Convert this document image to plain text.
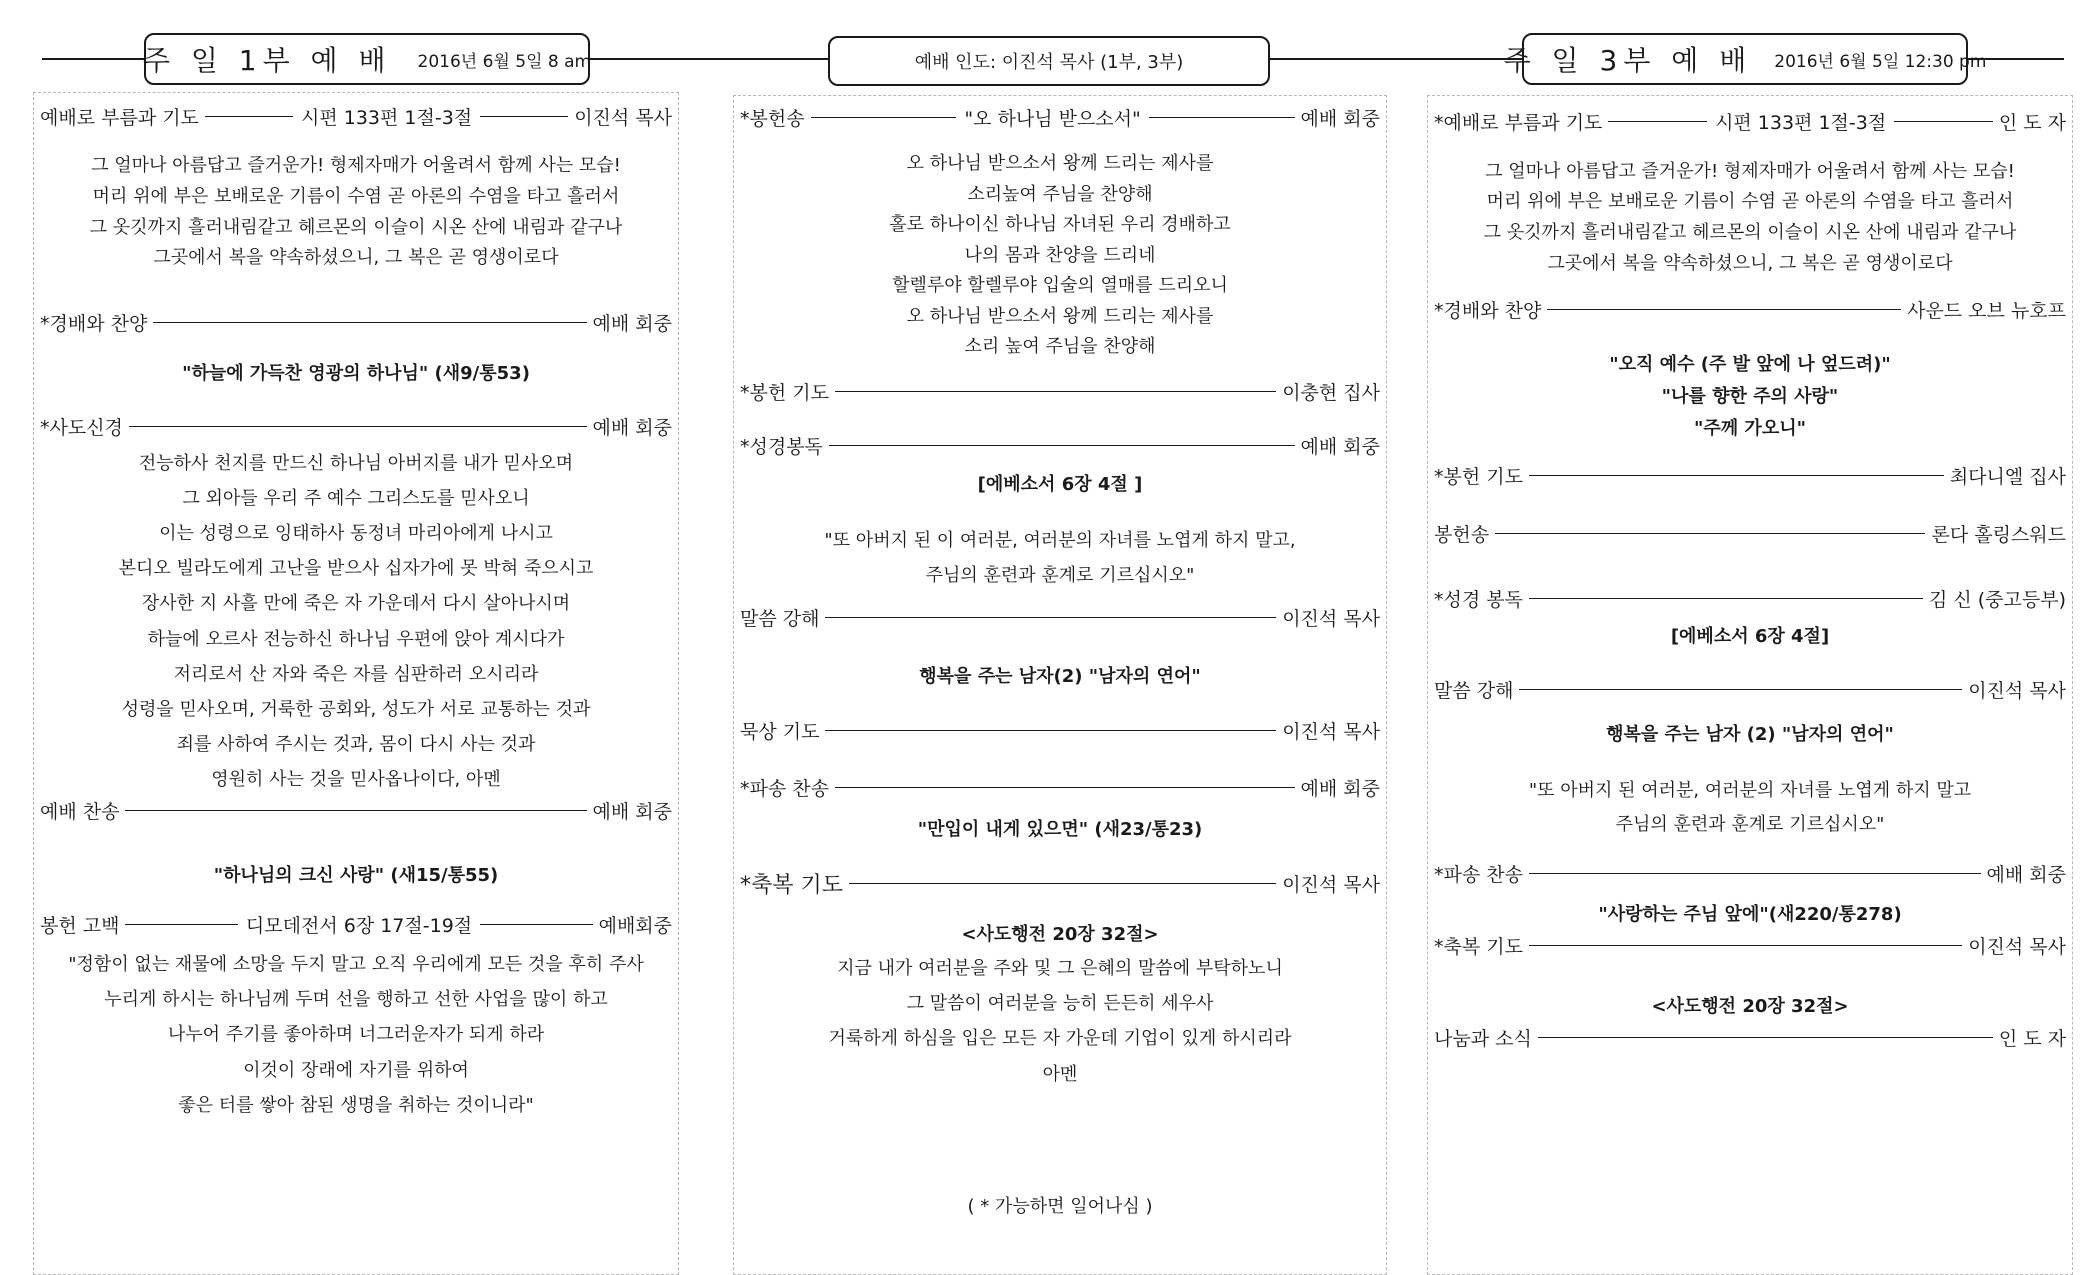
주 일 1부 예 배 2016년 6월 5일 8 am	예배 인도: 이진석 목사 (1부, 3부)	주 일 3부 예 배 2016년 6월 5일 12:30 pm
예배로 부름과 기도	시편 133편 1절-3절	이진석 목사
그 얼마나 아름답고 즐거운가! 형제자매가 어울려서 함께 사는 모습!
머리 위에 부은 보배로운 기름이 수염 곧 아론의 수염을 타고 흘러서
그 옷깃까지 흘러내림같고 헤르몬의 이슬이 시온 산에 내림과 같구나
그곳에서 복을 약속하셨으니, 그 복은 곧 영생이로다
*경배와 찬양	예배 회중
"하늘에 가득찬 영광의 하나님" (새9/통53)
*사도신경	예배 회중
전능하사 천지를 만드신 하나님 아버지를 내가 믿사오며
그 외아들 우리 주 예수 그리스도를 믿사오니
이는 성령으로 잉태하사 동정녀 마리아에게 나시고
본디오 빌라도에게 고난을 받으사 십자가에 못 박혀 죽으시고
장사한 지 사흘 만에 죽은 자 가운데서 다시 살아나시며
하늘에 오르사 전능하신 하나님 우편에 앉아 계시다가
저리로서 산 자와 죽은 자를 심판하러 오시리라
성령을 믿사오며, 거룩한 공회와, 성도가 서로 교통하는 것과
죄를 사하여 주시는 것과, 몸이 다시 사는 것과
영원히 사는 것을 믿사옵나이다, 아멘
예배 찬송	예배 회중
"하나님의 크신 사랑" (새15/통55)
봉헌 고백	디모데전서 6장 17절-19절	예배회중
"정함이 없는 재물에 소망을 두지 말고 오직 우리에게 모든 것을 후히 주사
누리게 하시는 하나님께 두며 선을 행하고 선한 사업을 많이 하고
나누어 주기를 좋아하며 너그러운자가 되게 하라
이것이 장래에 자기를 위하여
좋은 터를 쌓아 참된 생명을 취하는 것이니라"
*봉헌송	"오 하나님 받으소서"	예배 회중
오 하나님 받으소서 왕께 드리는 제사를
소리높여 주님을 찬양해
홀로 하나이신 하나님 자녀된 우리 경배하고
나의 몸과 찬양을 드리네
할렐루야 할렐루야 입술의 열매를 드리오니
오 하나님 받으소서 왕께 드리는 제사를
소리 높여 주님을 찬양해
*봉헌 기도	이충현 집사
*성경봉독	예배 회중
[에베소서 6장 4절 ]
"또 아버지 된 이 여러분, 여러분의 자녀를 노엽게 하지 말고,
주님의 훈련과 훈계로 기르십시오"
말씀 강해	이진석 목사
행복을 주는 남자(2) "남자의 연어"
묵상 기도	이진석 목사
*파송 찬송	예배 회중
"만입이 내게 있으면" (새23/통23)
*축복 기도	이진석 목사
<사도행전 20장 32절>
지금 내가 여러분을 주와 및 그 은혜의 말씀에 부탁하노니
그 말씀이 여러분을 능히 든든히 세우사
거룩하게 하심을 입은 모든 자 가운데 기업이 있게 하시리라
아멘
( * 가능하면 일어나심 )
*예배로 부름과 기도	시편 133편 1절-3절	인 도 자
그 얼마나 아름답고 즐거운가! 형제자매가 어울려서 함께 사는 모습!
머리 위에 부은 보배로운 기름이 수염 곧 아론의 수염을 타고 흘러서
그 옷깃까지 흘러내림같고 헤르몬의 이슬이 시온 산에 내림과 같구나
그곳에서 복을 약속하셨으니, 그 복은 곧 영생이로다
*경배와 찬양	사운드 오브 뉴호프
"오직 예수 (주 발 앞에 나 엎드려)"
"나를 향한 주의 사랑"
"주께 가오니"
*봉헌 기도	최다니엘 집사
봉헌송	론다 홀링스워드
*성경 봉독	김 신 (중고등부)
[에베소서 6장 4절]
말씀 강해	이진석 목사
행복을 주는 남자 (2) "남자의 연어"
"또 아버지 된 여러분, 여러분의 자녀를 노엽게 하지 말고
주님의 훈련과 훈계로 기르십시오"
*파송 찬송	예배 회중
"사랑하는 주님 앞에"(새220/통278)
*축복 기도	이진석 목사
<사도행전 20장 32절>
나눔과 소식	인 도 자
